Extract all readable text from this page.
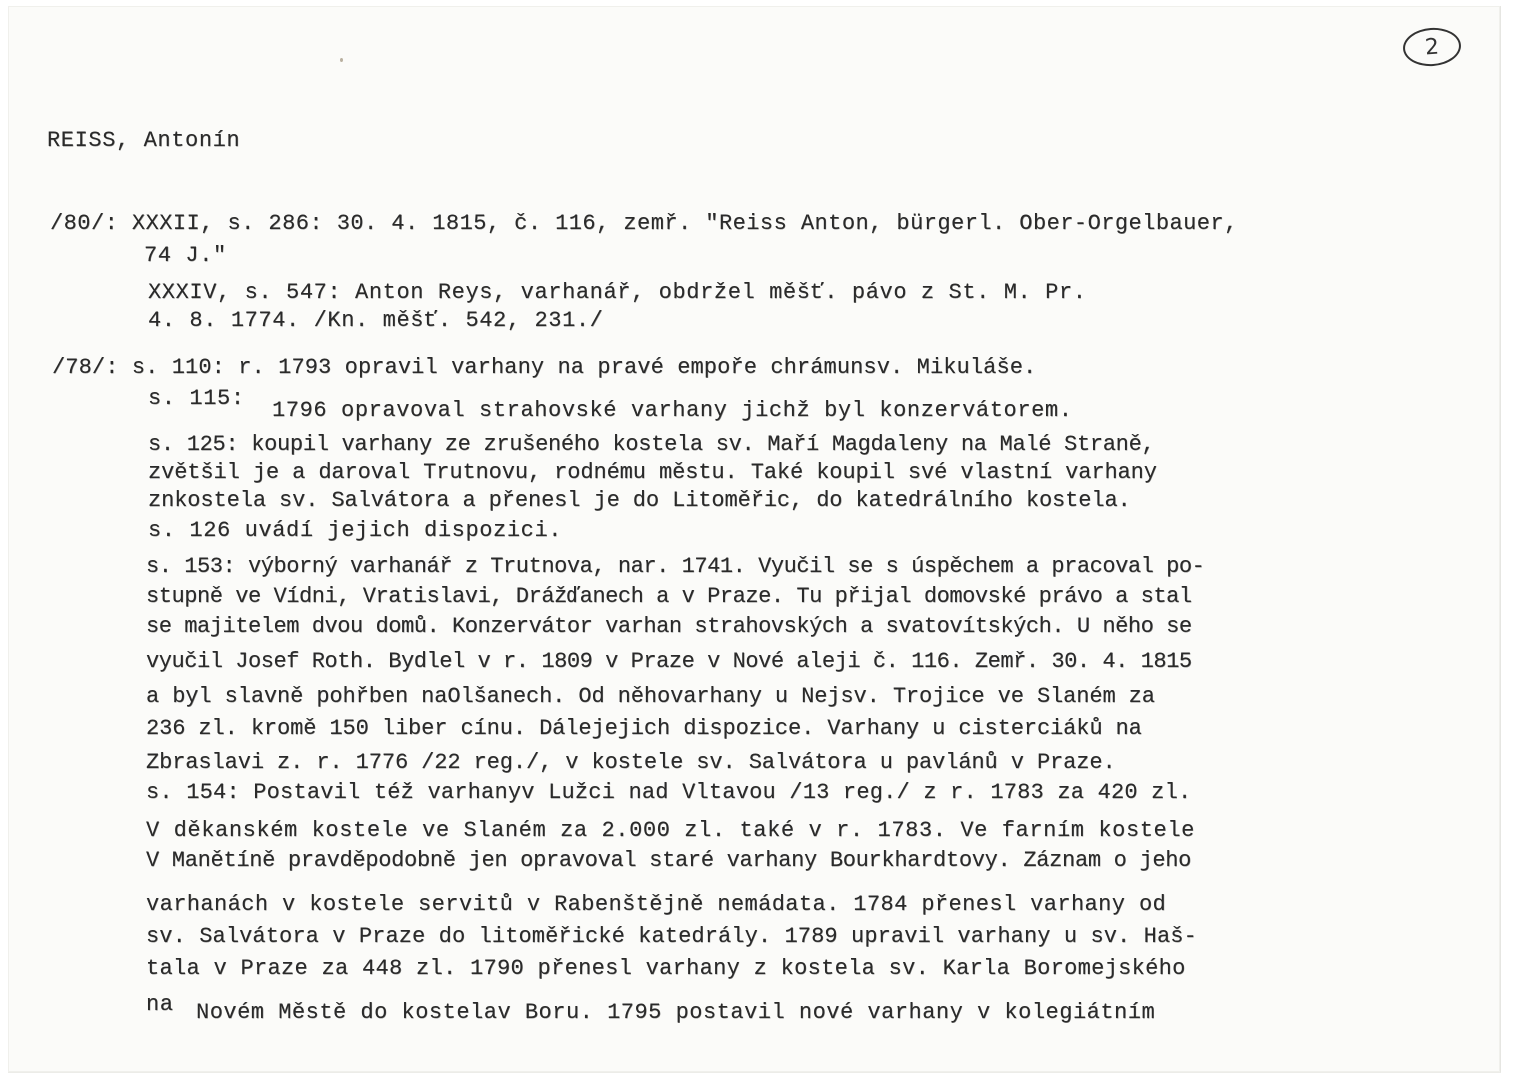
2
REISS, Antonín
/80/: XXXII, s. 286: 30. 4. 1815, č. 116, zemř. "Reiss Anton, bürgerl. Ober-Orgelbauer,
74 J."
XXXIV, s. 547: Anton Reys, varhanář, obdržel měšť. pávo z St. M. Pr.
4. 8. 1774. /Kn. měšť. 542, 231./
/78/: s. 110: r. 1793 opravil varhany na pravé empoře chrámunsv. Mikuláše.
s. 115: 1796 opravoval strahovské varhany jichž byl konzervátorem.
s. 125: koupil varhany ze zrušeného kostela sv. Maří Magdaleny na Malé Straně,
zvětšil je a daroval Trutnovu, rodnému městu. Také koupil své vlastní varhany
znkostela sv. Salvátora a přenesl je do Litoměřic, do katedrálního kostela.
s. 126 uvádí jejich dispozici.
s. 153: výborný varhanář z Trutnova, nar. 1741. Vyučil se s úspěchem a pracoval po-
stupně ve Vídni, Vratislavi, Drážďanech a v Praze. Tu přijal domovské právo a stal
se majitelem dvou domů. Konzervátor varhan strahovských a svatovítských. U něho se
vyučil Josef Roth. Bydlel v r. 1809 v Praze v Nové aleji č. 116. Zemř. 30. 4. 1815
a byl slavně pohřben naOlšanech. Od něhovarhany u Nejsv. Trojice ve Slaném za
236 zl. kromě 150 liber cínu. Dálejejich dispozice. Varhany u cisterciáků na
Zbraslavi z. r. 1776 /22 reg./, v kostele sv. Salvátora u pavlánů v Praze.
s. 154: Postavil též varhanyv Lužci nad Vltavou /13 reg./ z r. 1783 za 420 zl.
V děkanském kostele ve Slaném za 2.000 zl. také v r. 1783. Ve farním kostele
V Manětíně pravděpodobně jen opravoval staré varhany Bourkhardtovy. Záznam o jeho
varhanách v kostele servitů v Rabenštějně nemádata. 1784 přenesl varhany od
sv. Salvátora v Praze do litoměřické katedrály. 1789 upravil varhany u sv. Haš-
tala v Praze za 448 zl. 1790 přenesl varhany z kostela sv. Karla Boromejského
na Novém Městě do kostelav Boru. 1795 postavil nové varhany v kolegiátním
